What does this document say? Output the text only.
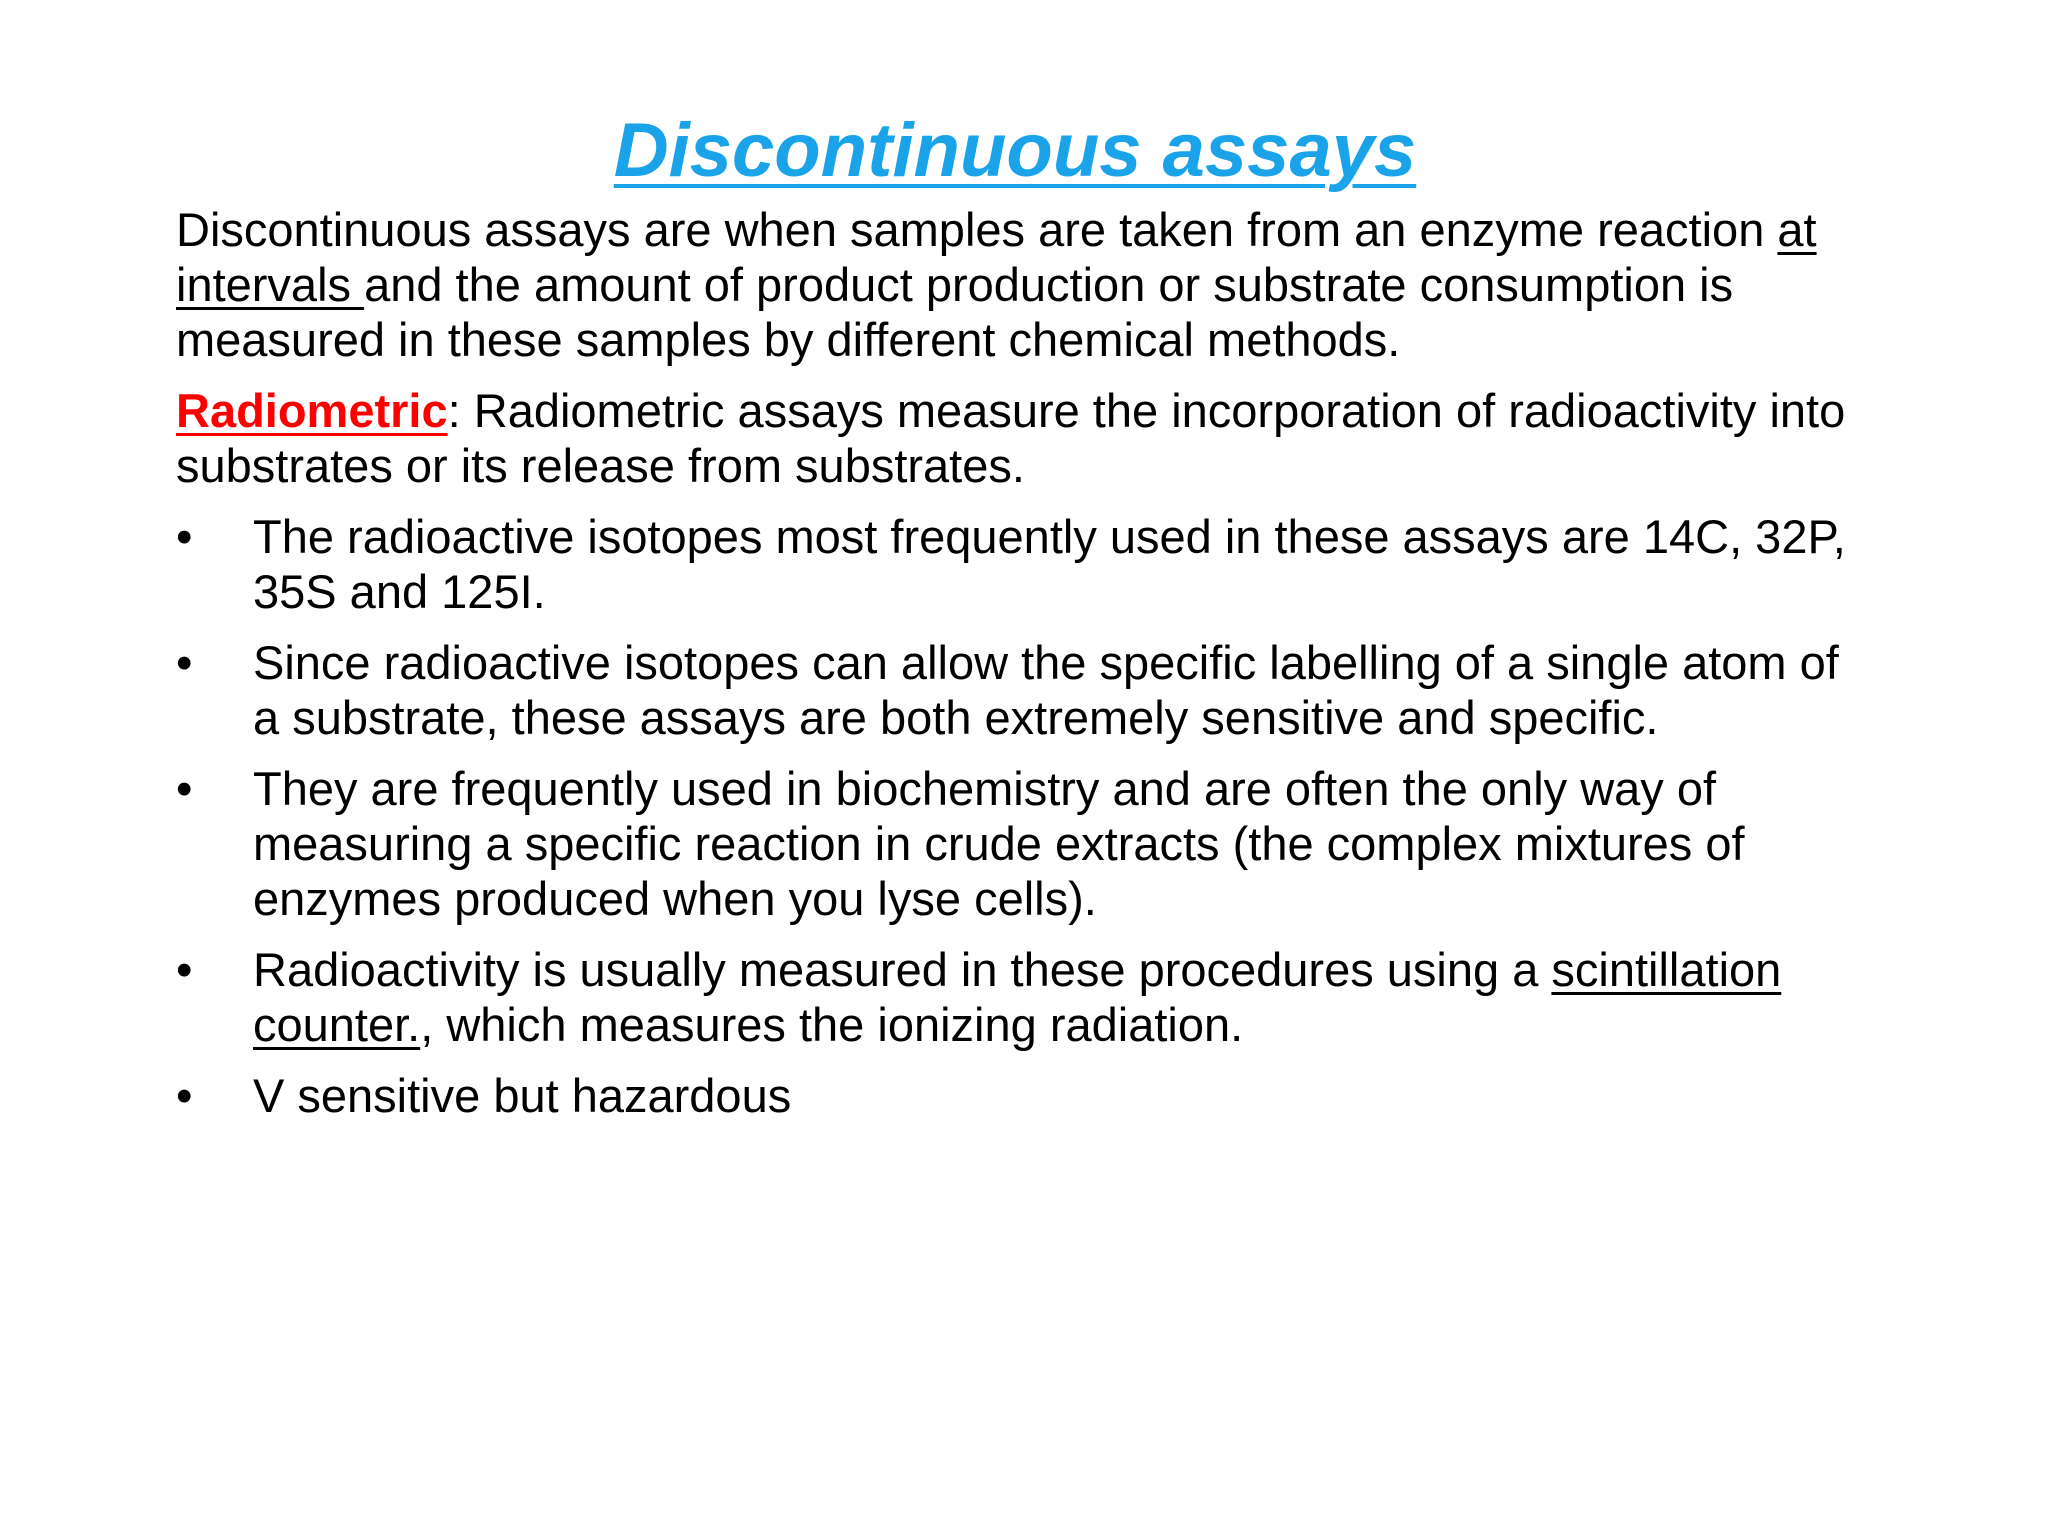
Discontinuous assays

Discontinuous assays are when samples are taken from an enzyme reaction at intervals and the amount of product production or substrate consumption is measured in these samples by different chemical methods.

Radiometric: Radiometric assays measure the incorporation of radioactivity into substrates or its release from substrates.

•	The radioactive isotopes most frequently used in these assays are 14C, 32P, 35S and 125I.
•	Since radioactive isotopes can allow the specific labelling of a single atom of a substrate, these assays are both extremely sensitive and specific.
•	They are frequently used in biochemistry and are often the only way of measuring a specific reaction in crude extracts (the complex mixtures of enzymes produced when you lyse cells).
•	Radioactivity is usually measured in these procedures using a scintillation counter., which measures the ionizing radiation.
•	V sensitive but hazardous
